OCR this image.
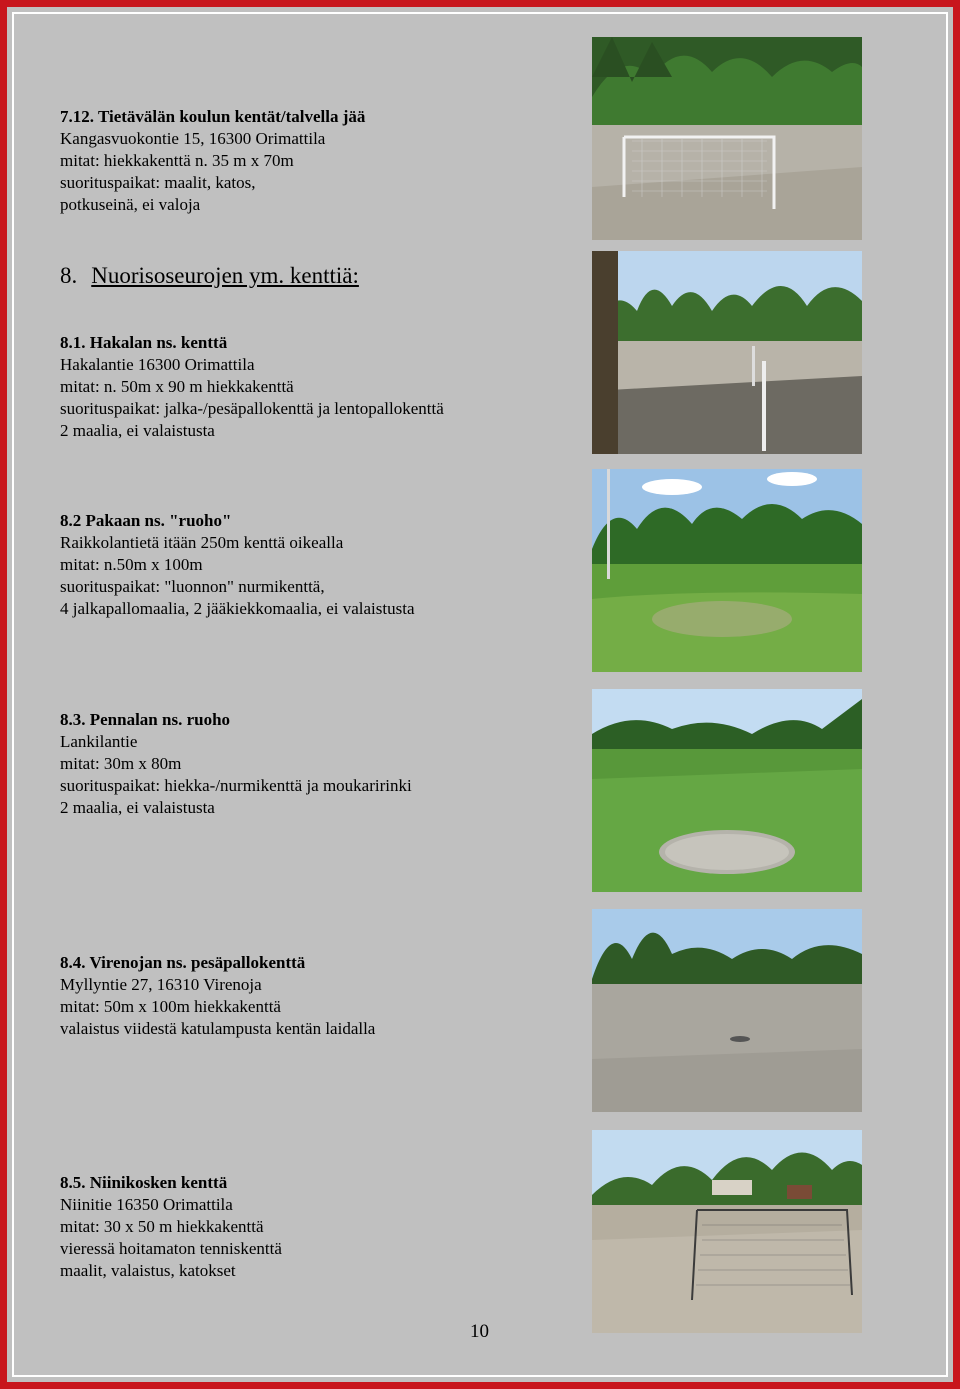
7.12. Tietävälän koulun kentät/talvella jää
Kangasvuokontie 15, 16300 Orimattila
mitat: hiekkakenttä n. 35 m x 70m
suorituspaikat: maalit, katos,
potkuseinä, ei valoja
8. Nuorisoseurojen ym. kenttiä:
8.1. Hakalan ns. kenttä
Hakalantie 16300 Orimattila
mitat: n. 50m x 90 m hiekkakenttä
suorituspaikat: jalka-/pesäpallokenttä ja lentopallokenttä
2 maalia, ei valaistusta
8.2 Pakaan ns. "ruoho"
Raikkolantietä itään 250m kenttä oikealla
mitat: n.50m x 100m
suorituspaikat: "luonnon" nurmikenttä,
4 jalkapallomaalia, 2 jääkiekkomaalia, ei valaistusta
8.3. Pennalan ns. ruoho
Lankilantie
mitat: 30m x 80m
suorituspaikat: hiekka-/nurmikenttä ja moukaririnki
2 maalia, ei valaistusta
8.4. Virenojan ns. pesäpallokenttä
Myllyntie 27, 16310 Virenoja
mitat: 50m x 100m hiekkakenttä
valaistus viidestä katulampusta kentän laidalla
8.5. Niinikosken kenttä
Niinitie 16350 Orimattila
mitat: 30 x 50 m hiekkakenttä
vieressä hoitamaton tenniskenttä
maalit, valaistus, katokset
10
